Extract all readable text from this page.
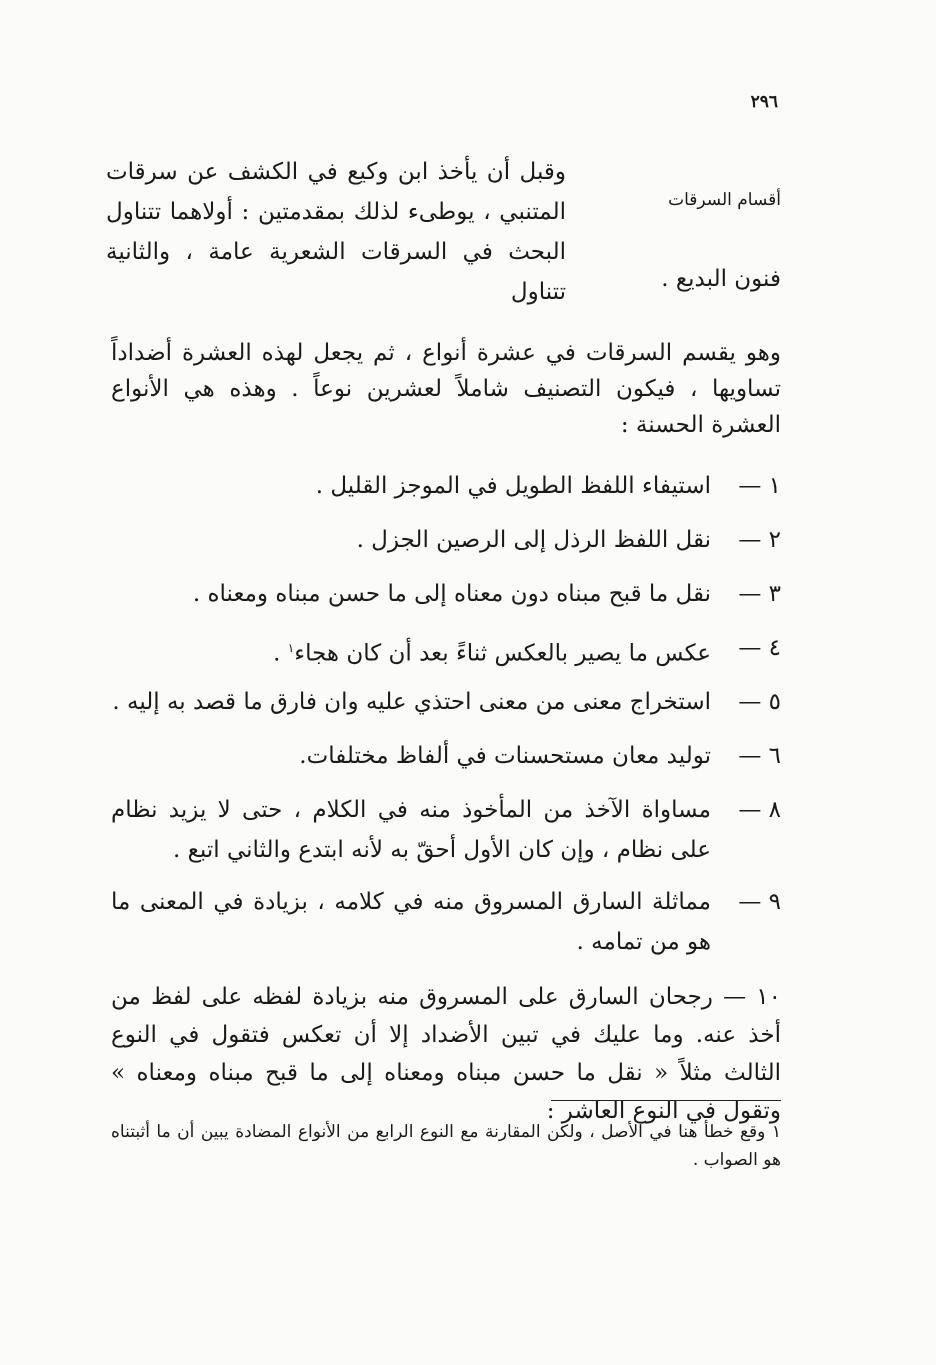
٢٩٦
أقسام السرقات
وقبل أن يأخذ ابن وكيع في الكشف عن سرقات المتنبي ، يوطىء لذلك بمقدمتين : أولاهما تتناول البحث في السرقات الشعرية عامة ، والثانية تتناول	فنون البديع .
وهو يقسم السرقات في عشرة أنواع ، ثم يجعل لهذه العشرة أضداداً تساويها ، فيكون التصنيف شاملاً لعشرين نوعاً . وهذه هي الأنواع العشرة الحسنة :
١ —
استيفاء اللفظ الطويل في الموجز القليل .
٢ —
نقل اللفظ الرذل إلى الرصين الجزل .
٣ —
نقل ما قبح مبناه دون معناه إلى ما حسن مبناه ومعناه .
٤ —
عكس ما يصير بالعكس ثناءً بعد أن كان هجاء$^١$ .
٥ —
استخراج معنى من معنى احتذي عليه وان فارق ما قصد به إليه .
٦ —
توليد معان مستحسنات في ألفاظ مختلفات.
٨ —
مساواة الآخذ من المأخوذ منه في الكلام ، حتى لا يزيد نظام على نظام ، وإن كان الأول أحقّ به لأنه ابتدع والثاني اتبع .
٩ —
مماثلة السارق المسروق منه في كلامه ، بزيادة في المعنى ما هو من تمامه .
١٠ — رجحان السارق على المسروق منه بزيادة لفظه على لفظ من أخذ عنه. وما عليك في تبين الأضداد إلا أن تعكس فتقول في النوع الثالث مثلاً « نقل ما حسن مبناه ومعناه إلى ما قبح مبناه ومعناه » وتقول في النوع العاشر :
١ وقع خطأ هنا في الأصل ، ولكن المقارنة مع النوع الرابع من الأنواع المضادة يبين أن ما أثبتناه هو الصواب .
